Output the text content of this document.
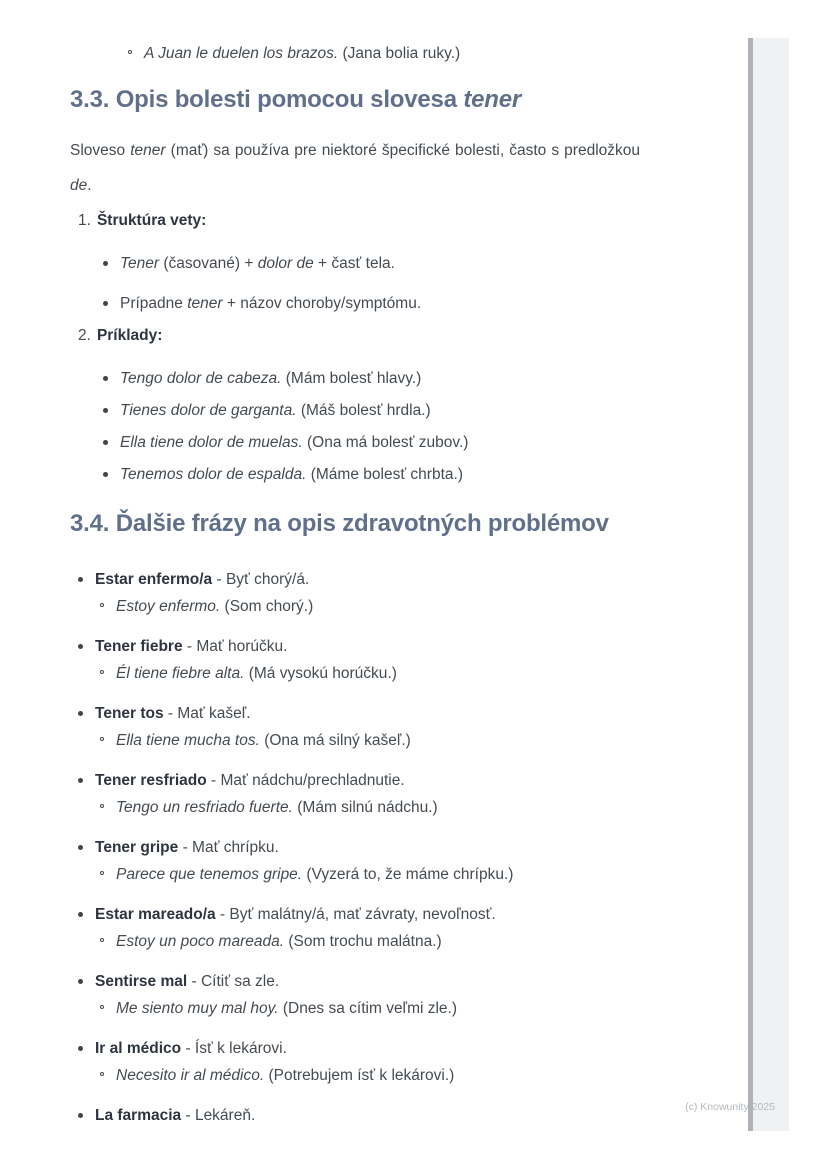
A Juan le duelen los brazos. (Jana bolia ruky.)
3.3. Opis bolesti pomocou slovesa tener

Sloveso tener (mať) sa používa pre niektoré špecifické bolesti, často s predložkou de.

1. Štruktúra vety:
Tener (časované) + dolor de + časť tela.
Prípadne tener + názov choroby/symptómu.
2. Príklady:
Tengo dolor de cabeza. (Mám bolesť hlavy.)
Tienes dolor de garganta. (Máš bolesť hrdla.)
Ella tiene dolor de muelas. (Ona má bolesť zubov.)
Tenemos dolor de espalda. (Máme bolesť chrbta.)
3.4. Ďalšie frázy na opis zdravotných problémov
Estar enfermo/a - Byť chorý/á.
Estoy enfermo. (Som chorý.)
Tener fiebre - Mať horúčku.
Él tiene fiebre alta. (Má vysokú horúčku.)
Tener tos - Mať kašeľ.
Ella tiene mucha tos. (Ona má silný kašeľ.)
Tener resfriado - Mať nádchu/prechladnutie.
Tengo un resfriado fuerte. (Mám silnú nádchu.)
Tener gripe - Mať chrípku.
Parece que tenemos gripe. (Vyzerá to, že máme chrípku.)
Estar mareado/a - Byť malátny/á, mať závraty, nevoľnosť.
Estoy un poco mareada. (Som trochu malátna.)
Sentirse mal - Cítiť sa zle.
Me siento muy mal hoy. (Dnes sa cítim veľmi zle.)
Ir al médico - Ísť k lekárovi.
Necesito ir al médico. (Potrebujem ísť k lekárovi.)
La farmacia - Lekáreň.	(c) Knowunity 2025
